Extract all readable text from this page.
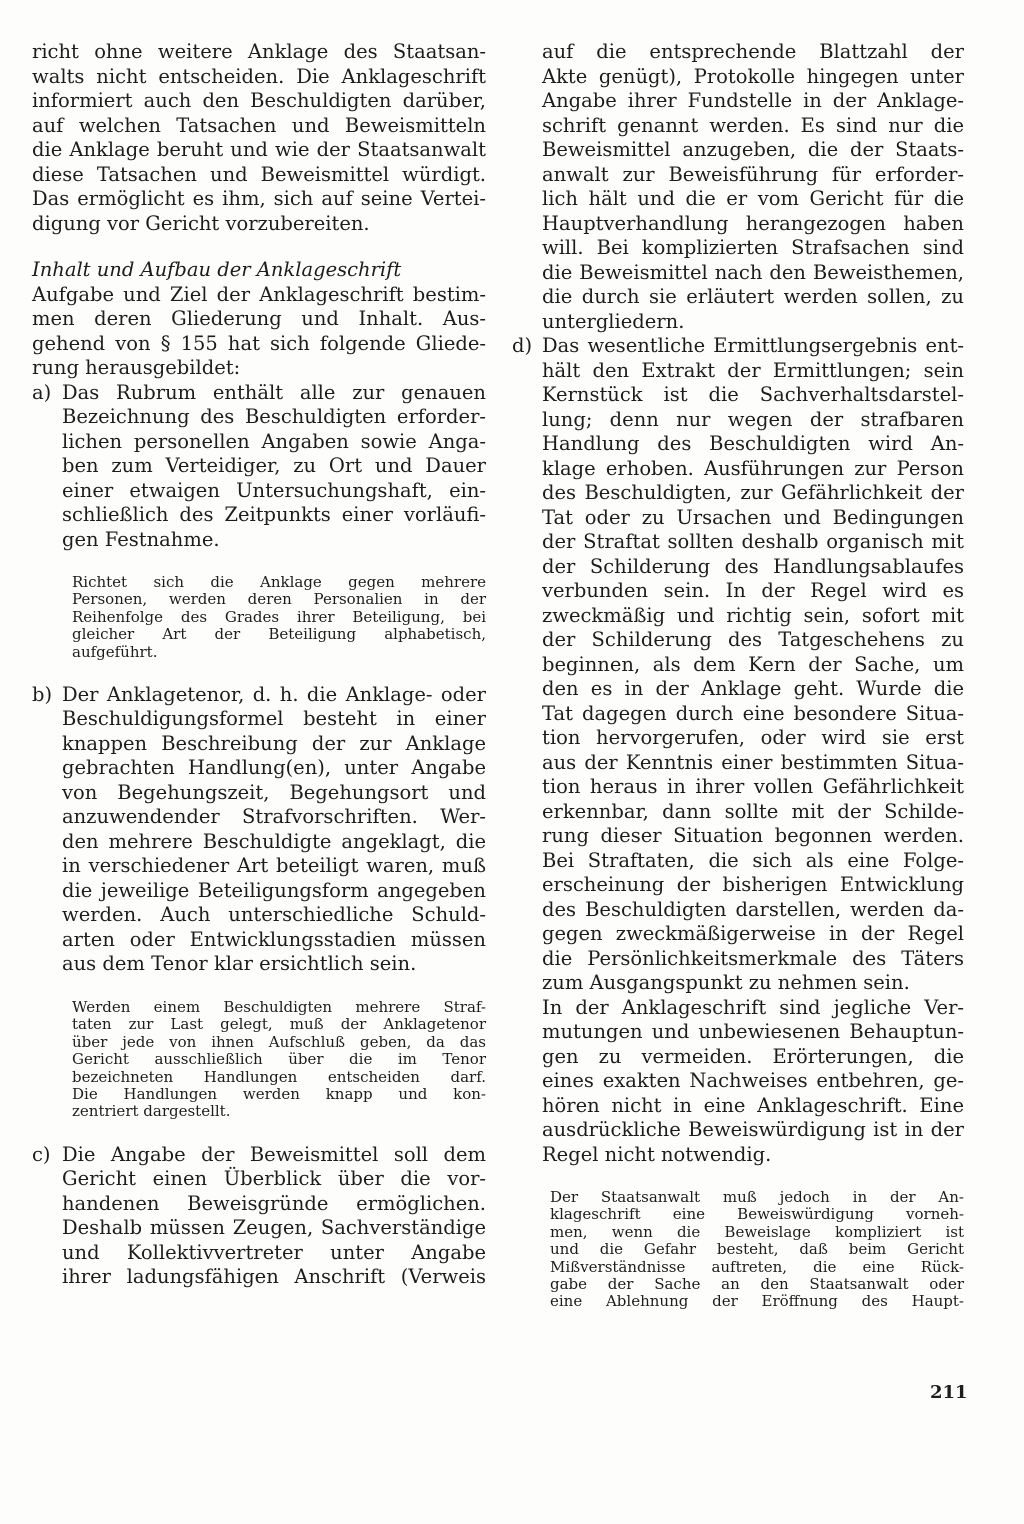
richt ohne weitere Anklage des Staatsan-
walts nicht entscheiden. Die Anklageschrift
informiert auch den Beschuldigten darüber,
auf welchen Tatsachen und Beweismitteln
die Anklage beruht und wie der Staatsanwalt
diese Tatsachen und Beweismittel würdigt.
Das ermöglicht es ihm, sich auf seine Vertei-
digung vor Gericht vorzubereiten.
Inhalt und Aufbau der Anklageschrift
Aufgabe und Ziel der Anklageschrift bestim-
men deren Gliederung und Inhalt. Aus-
gehend von § 155 hat sich folgende Gliede-
rung herausgebildet:
a) Das Rubrum enthält alle zur genauen
Bezeichnung des Beschuldigten erforder-
lichen personellen Angaben sowie Anga-
ben zum Verteidiger, zu Ort und Dauer
einer etwaigen Untersuchungshaft, ein-
schließlich des Zeitpunkts einer vorläufi-
gen Festnahme.
Richtet sich die Anklage gegen mehrere
Personen, werden deren Personalien in der
Reihenfolge des Grades ihrer Beteiligung, bei
gleicher Art der Beteiligung alphabetisch,
aufgeführt.
b) Der Anklagetenor, d. h. die Anklage- oder
Beschuldigungsformel besteht in einer
knappen Beschreibung der zur Anklage
gebrachten Handlung(en), unter Angabe
von Begehungszeit, Begehungsort und
anzuwendender Strafvorschriften. Wer-
den mehrere Beschuldigte angeklagt, die
in verschiedener Art beteiligt waren, muß
die jeweilige Beteiligungsform angegeben
werden. Auch unterschiedliche Schuld-
arten oder Entwicklungsstadien müssen
aus dem Tenor klar ersichtlich sein.
Werden einem Beschuldigten mehrere Straf-
taten zur Last gelegt, muß der Anklagetenor
über jede von ihnen Aufschluß geben, da das
Gericht ausschließlich über die im Tenor
bezeichneten Handlungen entscheiden darf.
Die Handlungen werden knapp und kon-
zentriert dargestellt.
c) Die Angabe der Beweismittel soll dem
Gericht einen Überblick über die vor-
handenen Beweisgründe ermöglichen.
Deshalb müssen Zeugen, Sachverständige
und Kollektivvertreter unter Angabe
ihrer ladungsfähigen Anschrift (Verweis
auf die entsprechende Blattzahl der
Akte genügt), Protokolle hingegen unter
Angabe ihrer Fundstelle in der Anklage-
schrift genannt werden. Es sind nur die
Beweismittel anzugeben, die der Staats-
anwalt zur Beweisführung für erforder-
lich hält und die er vom Gericht für die
Hauptverhandlung herangezogen haben
will. Bei komplizierten Strafsachen sind
die Beweismittel nach den Beweisthemen,
die durch sie erläutert werden sollen, zu
untergliedern.
d) Das wesentliche Ermittlungsergebnis ent-
hält den Extrakt der Ermittlungen; sein
Kernstück ist die Sachverhaltsdarstel-
lung; denn nur wegen der strafbaren
Handlung des Beschuldigten wird An-
klage erhoben. Ausführungen zur Person
des Beschuldigten, zur Gefährlichkeit der
Tat oder zu Ursachen und Bedingungen
der Straftat sollten deshalb organisch mit
der Schilderung des Handlungsablaufes
verbunden sein. In der Regel wird es
zweckmäßig und richtig sein, sofort mit
der Schilderung des Tatgeschehens zu
beginnen, als dem Kern der Sache, um
den es in der Anklage geht. Wurde die
Tat dagegen durch eine besondere Situa-
tion hervorgerufen, oder wird sie erst
aus der Kenntnis einer bestimmten Situa-
tion heraus in ihrer vollen Gefährlichkeit
erkennbar, dann sollte mit der Schilde-
rung dieser Situation begonnen werden.
Bei Straftaten, die sich als eine Folge-
erscheinung der bisherigen Entwicklung
des Beschuldigten darstellen, werden da-
gegen zweckmäßigerweise in der Regel
die Persönlichkeitsmerkmale des Täters
zum Ausgangspunkt zu nehmen sein.
In der Anklageschrift sind jegliche Ver-
mutungen und unbewiesenen Behauptun-
gen zu vermeiden. Erörterungen, die
eines exakten Nachweises entbehren, ge-
hören nicht in eine Anklageschrift. Eine
ausdrückliche Beweiswürdigung ist in der
Regel nicht notwendig.
Der Staatsanwalt muß jedoch in der An-
klageschrift eine Beweiswürdigung vorneh-
men, wenn die Beweislage kompliziert ist
und die Gefahr besteht, daß beim Gericht
Mißverständnisse auftreten, die eine Rück-
gabe der Sache an den Staatsanwalt oder
eine Ablehnung der Eröffnung des Haupt-
211
